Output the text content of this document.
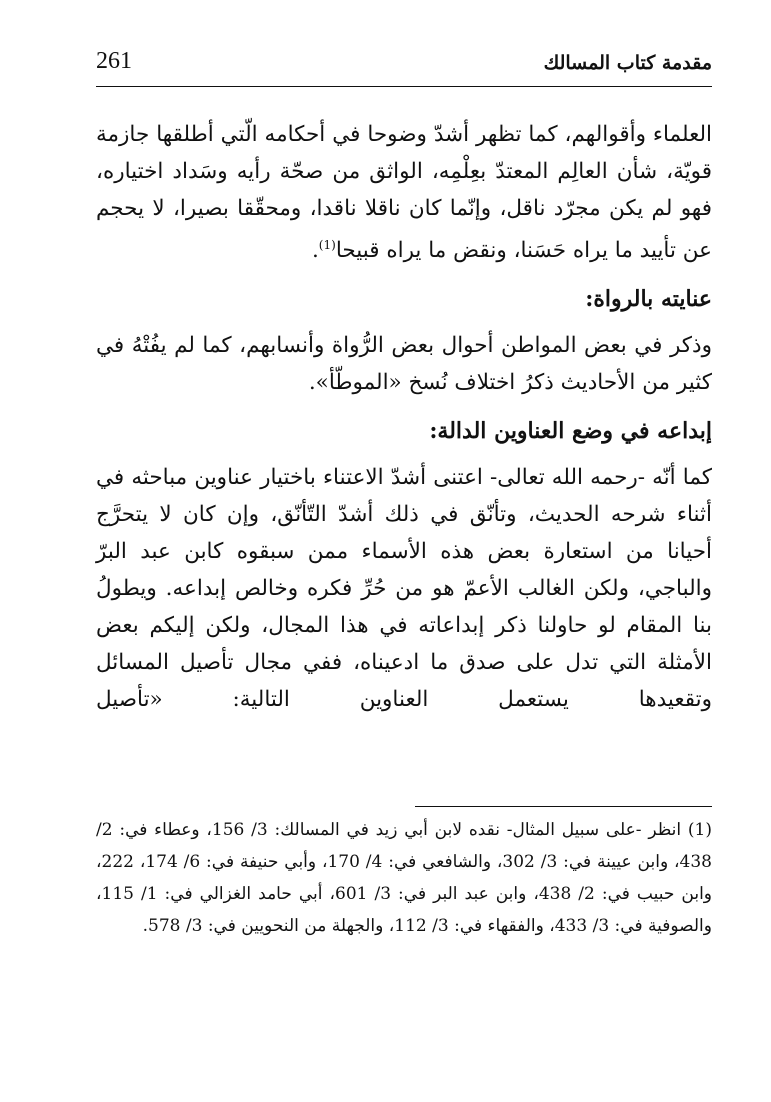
مقدمة كتاب المسالك
261

العلماء وأقوالهم، كما تظهر أشدّ وضوحا في أحكامه الّتي أطلقها جازمة قويّة، شأن العالِم المعتدّ بعِلْمِه، الواثق من صحّة رأيه وسَداد اختياره، فهو لم يكن مجرّد ناقل، وإنّما كان ناقلا ناقدا، ومحقّقا بصيرا، لا يحجم عن تأييد ما يراه حَسَنا، ونقض ما يراه قبيحا$^{(1)}$.

عنايته بالرواة:

وذكر في بعض المواطن أحوال بعض الرُّواة وأنسابهم، كما لم يفُتْهُ في كثير من الأحاديث ذكرُ اختلاف نُسخ «الموطّأ».

إبداعه في وضع العناوين الدالة:

كما أنّه -رحمه الله تعالى- اعتنى أشدّ الاعتناء باختيار عناوين مباحثه في أثناء شرحه الحديث، وتأنّق في ذلك أشدّ التّأنّق، وإن كان لا يتحرَّج أحيانا من استعارة بعض هذه الأسماء ممن سبقوه كابن عبد البرّ والباجي، ولكن الغالب الأعمّ هو من حُرِّ فكره وخالص إبداعه. ويطولُ بنا المقام لو حاولنا ذكر إبداعاته في هذا المجال، ولكن إليكم بعض الأمثلة التي تدل على صدق ما ادعيناه، ففي مجال تأصيل المسائل وتقعيدها يستعمل العناوين التالية: «تأصيل

(1) انظر -على سبيل المثال- نقده لابن أبي زيد في المسالك: 3/ 156، وعطاء في: 2/ 438، وابن عيينة في: 3/ 302، والشافعي في: 4/ 170، وأبي حنيفة في: 6/ 174، 222، وابن حبيب في: 2/ 438، وابن عبد البر في: 3/ 601، أبي حامد الغزالي في: 1/ 115، والصوفية في: 3/ 433، والفقهاء في: 3/ 112، والجهلة من النحويين في: 3/ 578.
